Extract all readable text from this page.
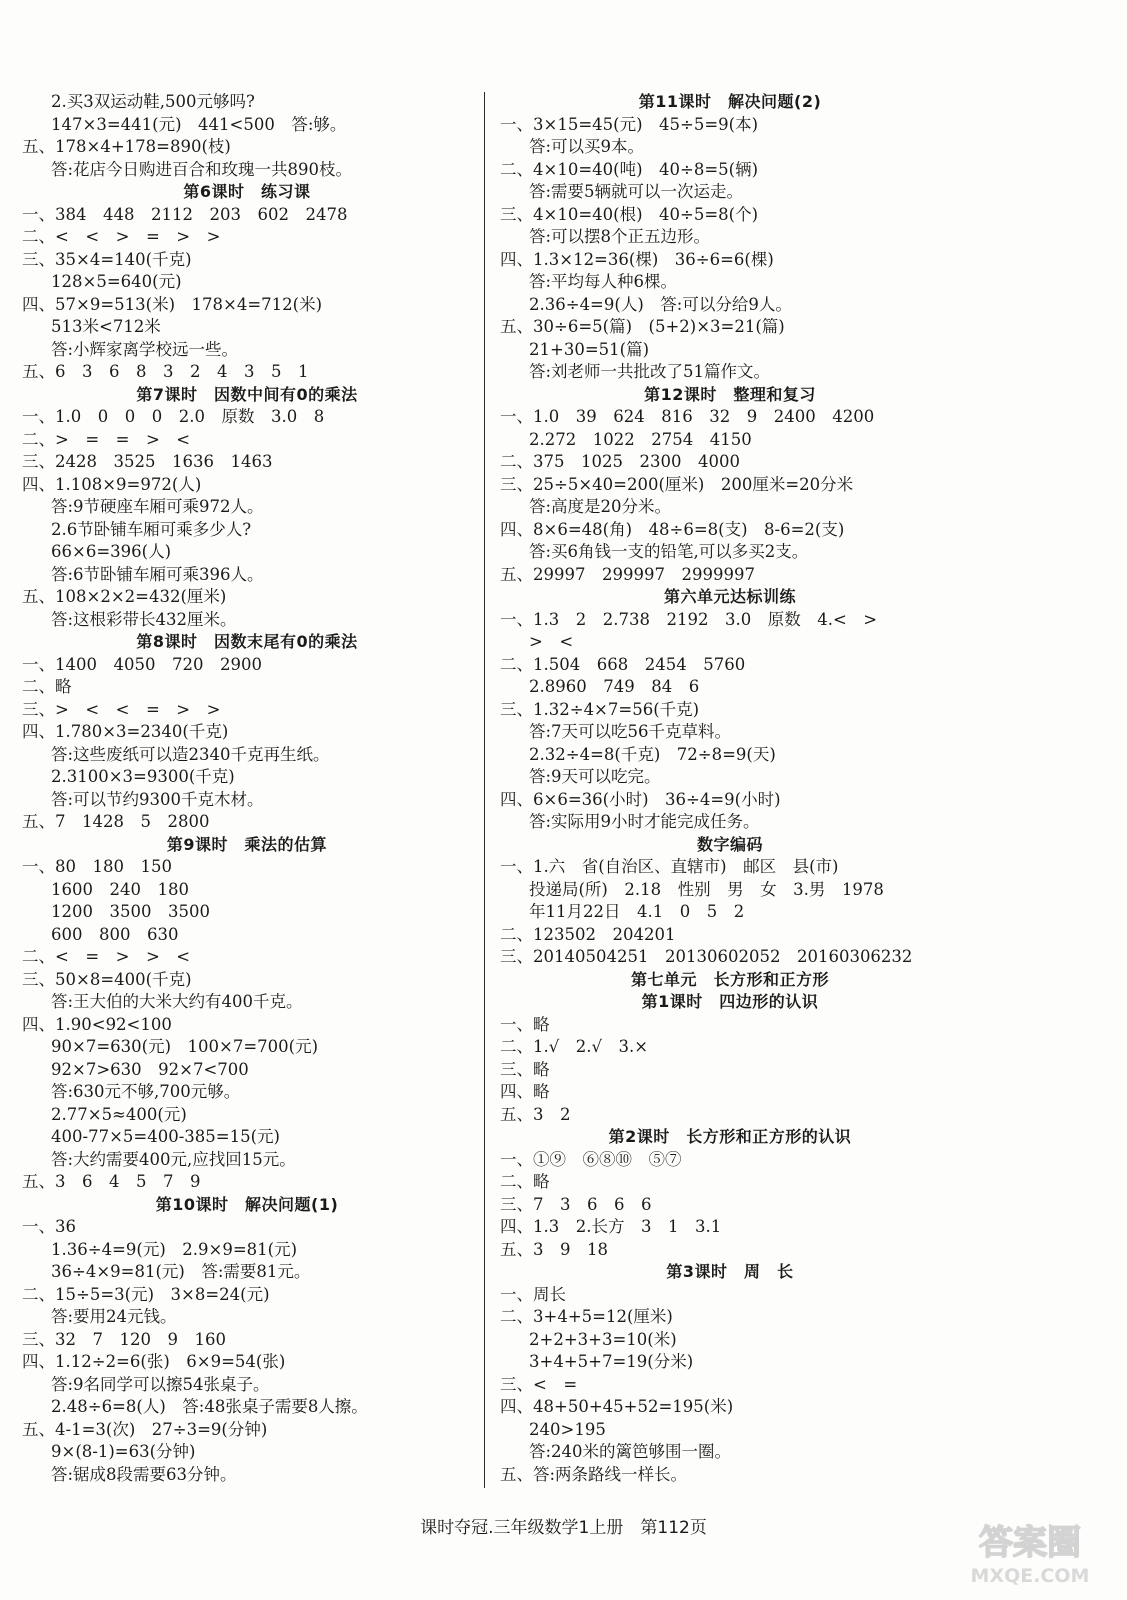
2.买3双运动鞋,500元够吗?
147×3=441(元)　441<500　答:够。
五、178×4+178=890(枝)
答:花店今日购进百合和玫瑰一共890枝。
第6课时　练习课
一、384　448　2112　203　602　2478
二、<　<　>　=　>　>
三、35×4=140(千克)
128×5=640(元)
四、57×9=513(米)　178×4=712(米)
513米<712米
答:小辉家离学校远一些。
五、6　3　6　8　3　2　4　3　5　1
第7课时　因数中间有0的乘法
一、1.0　0　0　0　2.0　原数　3.0　8
二、>　=　=　>　<
三、2428　3525　1636　1463
四、1.108×9=972(人)
答:9节硬座车厢可乘972人。
2.6节卧铺车厢可乘多少人?
66×6=396(人)
答:6节卧铺车厢可乘396人。
五、108×2×2=432(厘米)
答:这根彩带长432厘米。
第8课时　因数末尾有0的乘法
一、1400　4050　720　2900
二、略
三、>　<　<　=　>　>
四、1.780×3=2340(千克)
答:这些废纸可以造2340千克再生纸。
2.3100×3=9300(千克)
答:可以节约9300千克木材。
五、7　1428　5　2800
第9课时　乘法的估算
一、80　180　150
1600　240　180
1200　3500　3500
600　800　630
二、<　=　>　>　<
三、50×8=400(千克)
答:王大伯的大米大约有400千克。
四、1.90<92<100
90×7=630(元)　100×7=700(元)
92×7>630　92×7<700
答:630元不够,700元够。
2.77×5≈400(元)
400-77×5=400-385=15(元)
答:大约需要400元,应找回15元。
五、3　6　4　5　7　9
第10课时　解决问题(1)
一、36
1.36÷4=9(元)　2.9×9=81(元)
36÷4×9=81(元)　答:需要81元。
二、15÷5=3(元)　3×8=24(元)
答:要用24元钱。
三、32　7　120　9　160
四、1.12÷2=6(张)　6×9=54(张)
答:9名同学可以擦54张桌子。
2.48÷6=8(人)　答:48张桌子需要8人擦。
五、4-1=3(次)　27÷3=9(分钟)
9×(8-1)=63(分钟)
答:锯成8段需要63分钟。
第11课时　解决问题(2)
一、3×15=45(元)　45÷5=9(本)
答:可以买9本。
二、4×10=40(吨)　40÷8=5(辆)
答:需要5辆就可以一次运走。
三、4×10=40(根)　40÷5=8(个)
答:可以摆8个正五边形。
四、1.3×12=36(棵)　36÷6=6(棵)
答:平均每人种6棵。
2.36÷4=9(人)　答:可以分给9人。
五、30÷6=5(篇)　(5+2)×3=21(篇)
21+30=51(篇)
答:刘老师一共批改了51篇作文。
第12课时　整理和复习
一、1.0　39　624　816　32　9　2400　4200
2.272　1022　2754　4150
二、375　1025　2300　4000
三、25÷5×40=200(厘米)　200厘米=20分米
答:高度是20分米。
四、8×6=48(角)　48÷6=8(支)　8-6=2(支)
答:买6角钱一支的铅笔,可以多买2支。
五、29997　299997　2999997
第六单元达标训练
一、1.3　2　2.738　2192　3.0　原数　4.<　>
>　<
二、1.504　668　2454　5760
2.8960　749　84　6
三、1.32÷4×7=56(千克)
答:7天可以吃56千克草料。
2.32÷4=8(千克)　72÷8=9(天)
答:9天可以吃完。
四、6×6=36(小时)　36÷4=9(小时)
答:实际用9小时才能完成任务。
数字编码
一、1.六　省(自治区、直辖市)　邮区　县(市)
投递局(所)　2.18　性别　男　女　3.男　1978
年11月22日　4.1　0　5　2
二、123502　204201
三、20140504251　20130602052　20160306232
第七单元　长方形和正方形
第1课时　四边形的认识
一、略
二、1.√　2.√　3.×
三、略
四、略
五、3　2
第2课时　长方形和正方形的认识
一、①⑨　⑥⑧⑩　⑤⑦
二、略
三、7　3　6　6　6
四、1.3　2.长方　3　1　3.1
五、3　9　18
第3课时　周　长
一、周长
二、3+4+5=12(厘米)
2+2+3+3=10(米)
3+4+5+7=19(分米)
三、<　=
四、48+50+45+52=195(米)
240>195
答:240米的篱笆够围一圈。
五、答:两条路线一样长。
课时夺冠.三年级数学1上册　第112页	答案圈
MXQE.COM
